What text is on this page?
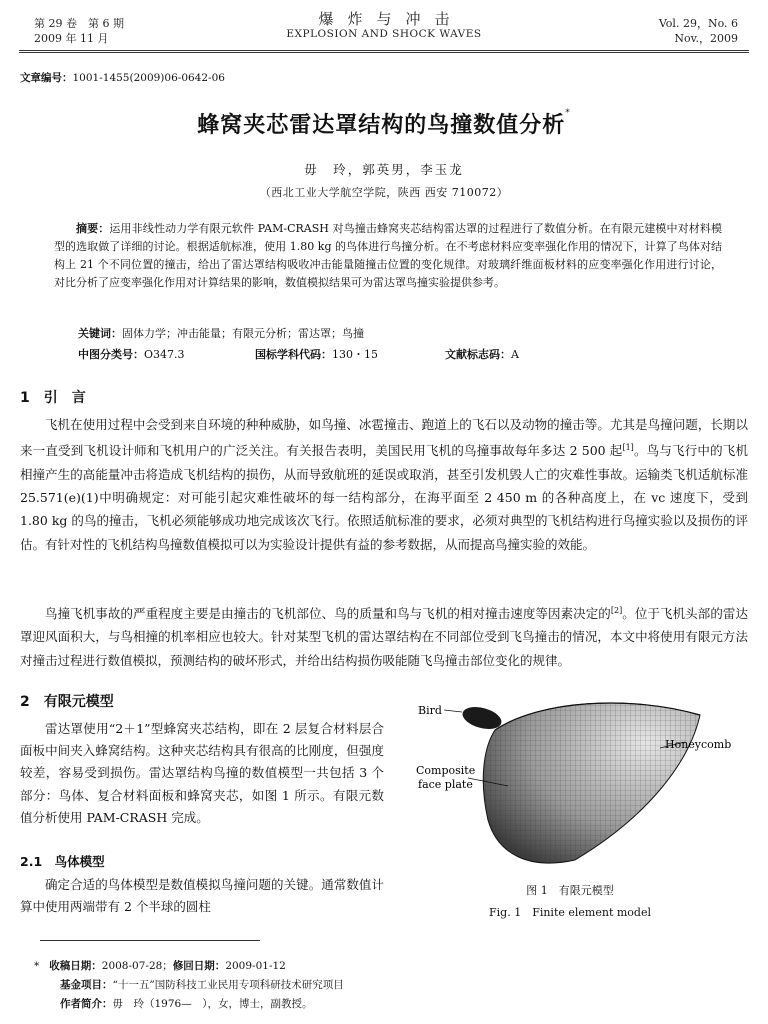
第 29 卷　第 6 期
2009 年 11 月
爆炸与冲击
EXPLOSION AND SHOCK WAVES
Vol. 29，No. 6
Nov.，2009
文章编号：1001-1455(2009)06-0642-06
蜂窝夹芯雷达罩结构的鸟撞数值分析*
毋　玲，郭英男，李玉龙
（西北工业大学航空学院，陕西 西安 710072）
摘要：运用非线性动力学有限元软件 PAM-CRASH 对鸟撞击蜂窝夹芯结构雷达罩的过程进行了数值分析。在有限元建模中对材料模型的选取做了详细的讨论。根据适航标准，使用 1.80 kg 的鸟体进行鸟撞分析。在不考虑材料应变率强化作用的情况下，计算了鸟体对结构上 21 个不同位置的撞击，给出了雷达罩结构吸收冲击能量随撞击位置的变化规律。对玻璃纤维面板材料的应变率强化作用进行讨论，对比分析了应变率强化作用对计算结果的影响，数值模拟结果可为雷达罩鸟撞实验提供参考。
关键词：固体力学；冲击能量；有限元分析；雷达罩；鸟撞
中图分类号：O347.3	国标学科代码：130・15	文献标志码：A
1　引　言
飞机在使用过程中会受到来自环境的种种威胁，如鸟撞、冰雹撞击、跑道上的飞石以及动物的撞击等。尤其是鸟撞问题，长期以来一直受到飞机设计师和飞机用户的广泛关注。有关报告表明，美国民用飞机的鸟撞事故每年多达 2 500 起[1]。鸟与飞行中的飞机相撞产生的高能量冲击将造成飞机结构的损伤，从而导致航班的延误或取消，甚至引发机毁人亡的灾难性事故。运输类飞机适航标准 25.571(e)(1)中明确规定：对可能引起灾难性破坏的每一结构部分，在海平面至 2 450 m 的各种高度上，在 vc 速度下，受到 1.80 kg 的鸟的撞击，飞机必须能够成功地完成该次飞行。依照适航标准的要求，必须对典型的飞机结构进行鸟撞实验以及损伤的评估。有针对性的飞机结构鸟撞数值模拟可以为实验设计提供有益的参考数据，从而提高鸟撞实验的效能。
鸟撞飞机事故的严重程度主要是由撞击的飞机部位、鸟的质量和鸟与飞机的相对撞击速度等因素决定的[2]。位于飞机头部的雷达罩迎风面积大，与鸟相撞的机率相应也较大。针对某型飞机的雷达罩结构在不同部位受到飞鸟撞击的情况，本文中将使用有限元方法对撞击过程进行数值模拟，预测结构的破坏形式，并给出结构损伤吸能随飞鸟撞击部位变化的规律。
2　有限元模型
雷达罩使用“2＋1”型蜂窝夹芯结构，即在 2 层复合材料层合面板中间夹入蜂窝结构。这种夹芯结构具有很高的比刚度，但强度较差，容易受到损伤。雷达罩结构鸟撞的数值模型一共包括 3 个部分：鸟体、复合材料面板和蜂窝夹芯，如图 1 所示。有限元数值分析使用 PAM-CRASH 完成。
2.1　鸟体模型
确定合适的鸟体模型是数值模拟鸟撞问题的关键。通常数值计算中使用两端带有 2 个半球的圆柱
Bird
Honeycomb
Composite
face plate
图 1　有限元模型
Fig. 1　Finite element model
* 收稿日期：2008-07-28；修回日期：2009-01-12
基金项目：“十一五”国防科技工业民用专项科研技术研究项目
作者简介：毋　玲（1976—　），女，博士，副教授。
